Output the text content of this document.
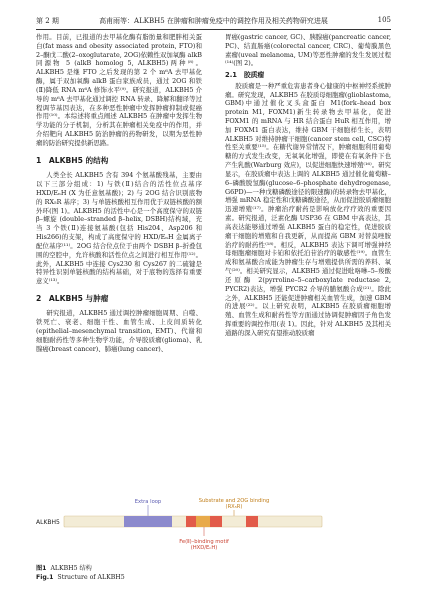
第 2 期	高甫雨等：ALKBH5 在肿瘤和肿瘤免疫中的调控作用及相关药物研究进展	105

作用。目前，已报道的去甲基化酶有脂肪量和肥胖相关蛋白(fat mass and obesity associated protein, FTO)和 2–酮戊二酸(2–oxoglutarate, 2OG)依赖性双加氧酶 alkB 同源物 5 (alkB homolog 5, ALKBH5)两种⁽⁸⁾。ALKBH5 是继 FTO 之后发现的第 2 个 m⁶A 去甲基化酶，属于双加氧酶 alkB 蛋白家族成员，通过 2OG 和铁(Ⅱ)降低 RNA m⁶A 修饰水平⁽⁹⁾。研究报道，ALKBH5 介导的 m⁶A 去甲基化通过调控 RNA 转录、降解和翻译等过程调节基因表达，在多种恶性肿瘤中发挥肿瘤抑制或促癌作用⁽¹⁰⁾。本综述将重点阐述 ALKBH5 在肿瘤中发挥生物学功能的分子机制，分析其在肿瘤相关免疫中的作用，并介绍靶向 ALKBH5 防治肿瘤的药物研发，以期为恶性肿瘤的防治研究提供新思路。

1　ALKBH5 的结构

人类全长 ALKBH5 含有 394 个氨基酸残基，主要由以下三部分组成：1) 与铁(Ⅱ)结合的活性位点基序 HXD/EₙH (X 为任意氨基酸)；2) 与 2OG 结合识别底物的 RX₅R 基序；3) 与单链核酸相互作用优于双链核酸的额外环(图 1)。ALKBH5 的活性中心是一个高度保守的双链 β–螺旋 (double–stranded β–helix, DSBH)结构域，充当 3 个铁(Ⅱ)连接氨基酸(包括 His204、Asp206 和 His266)的支架，构成了高度保守的 HXD/EₙH 金属离子配位基序⁽¹¹⁾。2OG 结合位点位于由两个 DSBH β–折叠包围的空腔中，允许核酸和活性位点之间进行相互作用⁽¹²⁾。此外，ALKBH5 中连接 Cys230 和 Cys267 的二硫键是特异性识别单链核酸的结构基础，对于底物的选择有重要意义⁽¹³⁾。

2　ALKBH5 与肿瘤

研究报道，ALKBH5 通过调控肿瘤细胞周期、自噬、铁死亡、衰老、细胞干性、血管生成、上皮间质转化(epithelial–mesenchymal transition, EMT)、代谢和细胞耐药性等多种生物学功能，介导胶质瘤(glioma)、乳腺癌(breast cancer)、肺癌(lung cancer)、

胃癌(gastric cancer, GC)、胰腺癌(pancreatic cancer, PC)、结直肠癌(colorectal cancer, CRC)、葡萄膜黑色素瘤(uveal melanoma, UM)等恶性肿瘤的发生发展过程⁽¹⁴⁾(图 2)。

2.1　胶质瘤

胶质瘤是一种严重危害患者身心健康的中枢神经系统肿瘤。研究发现，ALKBH5 在胶质母细胞瘤(glioblastoma, GBM)中通过催化叉头盒蛋白 M1(fork–head box protein M1, FOXM1)新生转录物去甲基化，促进 FOXM1 的 mRNA 与 HR 结合蛋白 HuR 相互作用，增加 FOXM1 蛋白表达，维持 GBM 干细胞样生长，表明 ALKBH5 对维持肿瘤干细胞(cancer stem cell, CSC)特性至关重要⁽¹⁵⁾。在糖代谢异常情况下，肿瘤细胞利用葡萄糖的方式发生改变，无氧氧化增强，即使在有氧条件下也产生乳酸(Warburg 效应)，以促进细胞快速增殖⁽¹⁶⁾。研究显示，在胶质瘤中表达上调的 ALKBH5 通过催化葡萄糖–6–磷酸脱氢酶(glucose–6–phosphate dehydrogenase, G6PD)—一种戊糖磷酸途径的限速酶)的转录物去甲基化，增强 mRNA 稳定性和戊糖磷酸途径，从而促进胶质瘤细胞迅速增殖⁽¹⁷⁾。肿瘤治疗耐药是影响放化疗疗效的重要因素。研究报道，泛素化酶 USP36 在 GBM 中高表达，其高表达能够通过增强 ALKBH5 蛋白的稳定性，促进胶质瘤干细胞的增殖和自我更新，从而提高 GBM 对替莫唑胺治疗的耐药性⁽¹⁸⁾。相反，ALKBH5 表达下调可增强神经母细胞瘤细胞对卡铂和依托泊苷治疗的敏感性⁽¹⁹⁾。血管生成和氨基酸合成能为肿瘤生存与增殖提供所需的养料、氧气⁽²⁰⁾。相关研究显示，ALKBH5 通过促进吡咯啉–5–羧酸还原酶 2(pyrroline–5–carboxylate reductase 2, PYCR2)表达，增强 PYCR2 介导的脯氨酸合成⁽²¹⁾。除此之外，ALKBH5 还能促进肿瘤相关血管生成，加速 GBM 的进展⁽²²⁾。以上研究表明，ALKBH5 在胶质瘤细胞增殖、血管生成和耐药性等方面通过协调促肿瘤因子角色发挥重要的调控作用(表 1)。因此，针对 ALKBH5 及其相关通路的深入研究有望推动胶质瘤

Extra loop	Substrate and 2OG binding
(RX₅R)
ALKBH5
Fe(Ⅱ)–binding motif
(HXD/EₙH)
图1 ALKBH5 结构
Fig.1 Structure of ALKBH5
